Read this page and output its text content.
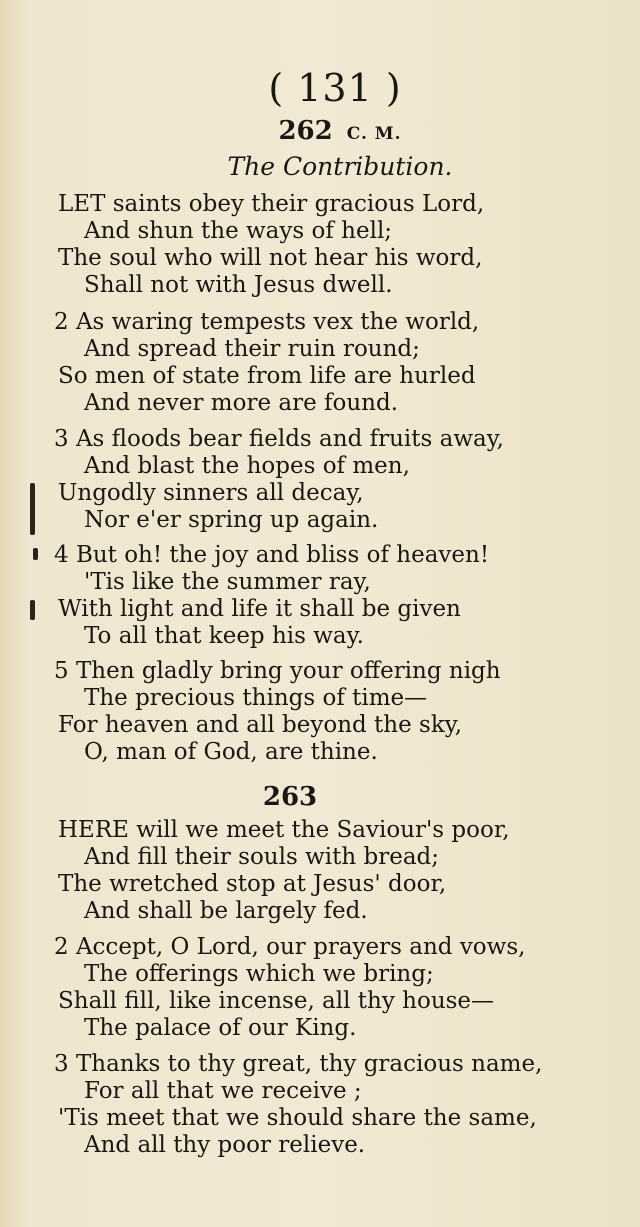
( 131 )
262 C. M.
The Contribution.
LET saints obey their gracious Lord,
And shun the ways of hell;
The soul who will not hear his word,
Shall not with Jesus dwell.
2 As waring tempests vex the world,
And spread their ruin round;
So men of state from life are hurled
And never more are found.
3 As floods bear fields and fruits away,
And blast the hopes of men,
Ungodly sinners all decay,
Nor e'er spring up again.
4 But oh! the joy and bliss of heaven!
'Tis like the summer ray,
With light and life it shall be given
To all that keep his way.
5 Then gladly bring your offering nigh
The precious things of time—
For heaven and all beyond the sky,
O, man of God, are thine.
263
HERE will we meet the Saviour's poor,
And fill their souls with bread;
The wretched stop at Jesus' door,
And shall be largely fed.
2 Accept, O Lord, our prayers and vows,
The offerings which we bring;
Shall fill, like incense, all thy house—
The palace of our King.
3 Thanks to thy great, thy gracious name,
For all that we receive ;
'Tis meet that we should share the same,
And all thy poor relieve.
